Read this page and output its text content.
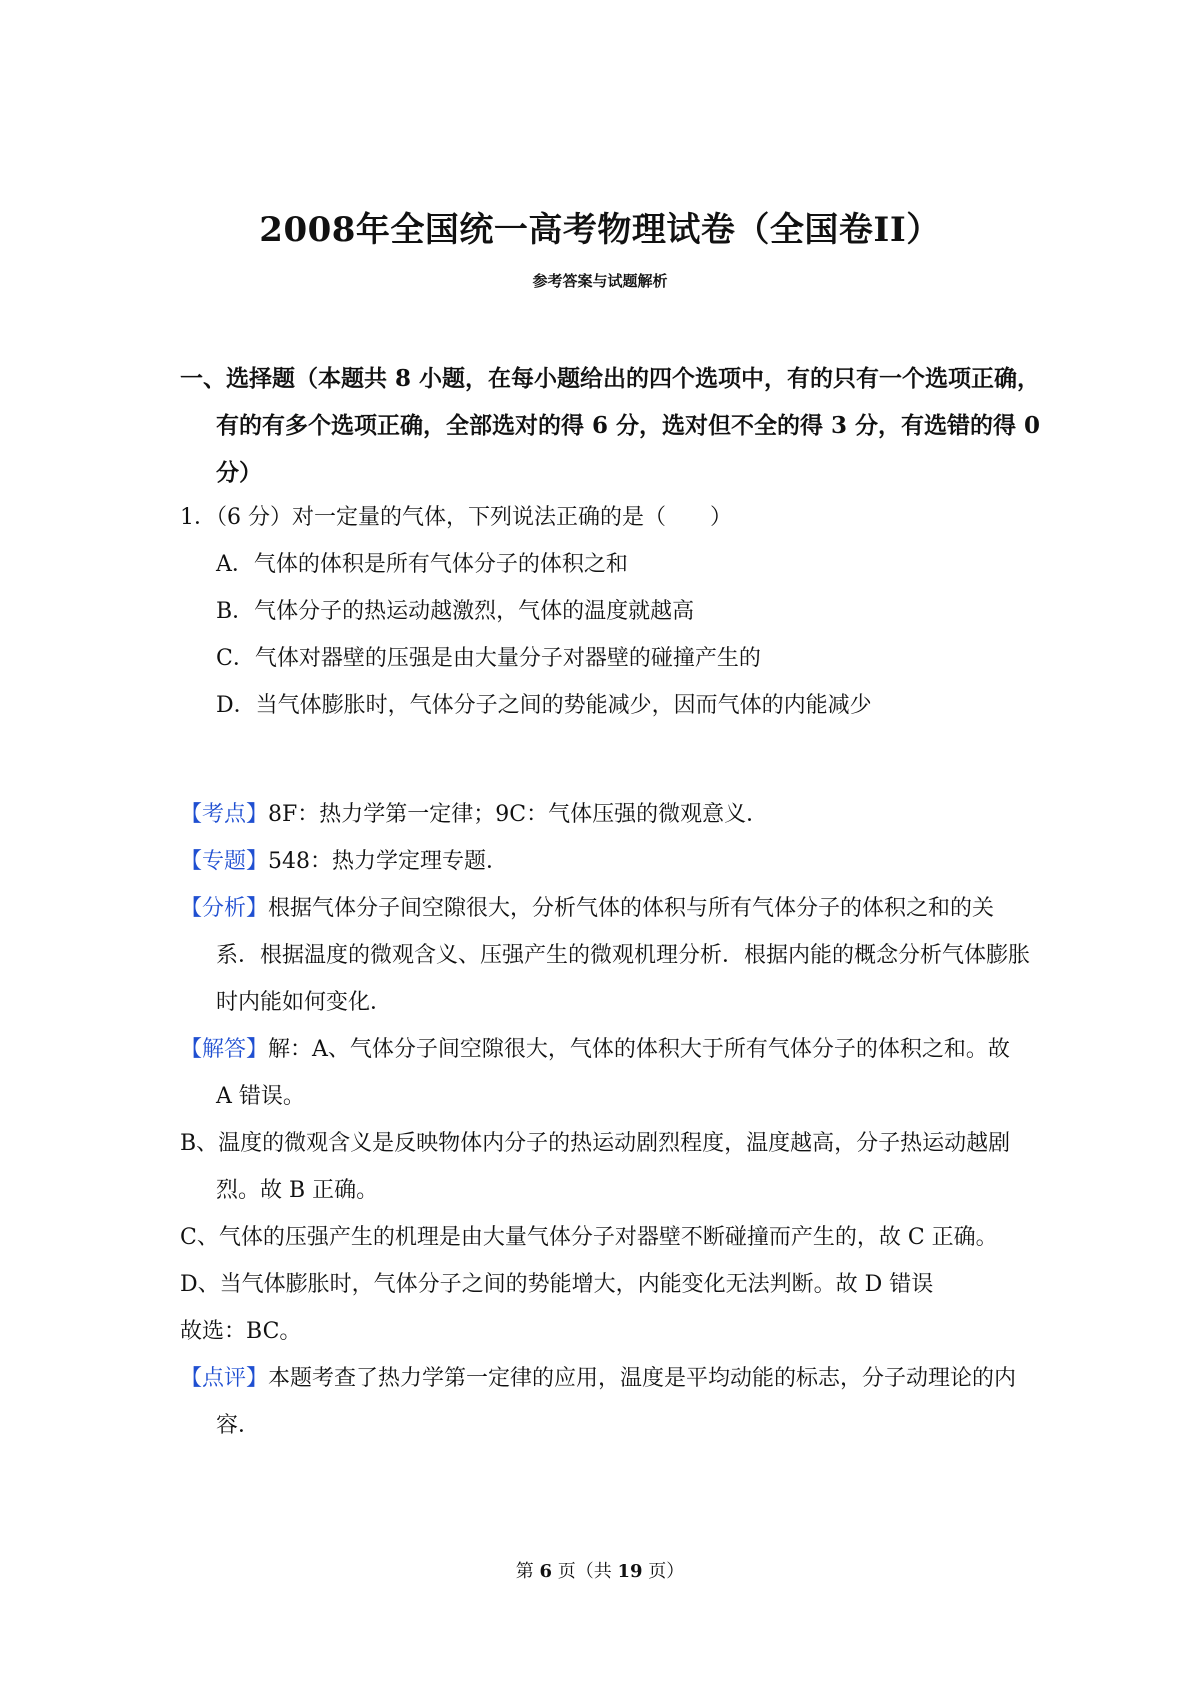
2008年全国统一高考物理试卷（全国卷II）
参考答案与试题解析
一、选择题（本题共 8 小题，在每小题给出的四个选项中，有的只有一个选项正确，有的有多个选项正确，全部选对的得 6 分，选对但不全的得 3 分，有选错的得 0 分）

1．（6 分）对一定量的气体，下列说法正确的是（　　）

A．气体的体积是所有气体分子的体积之和

B．气体分子的热运动越激烈，气体的温度就越高

C．气体对器壁的压强是由大量分子对器壁的碰撞产生的

D．当气体膨胀时，气体分子之间的势能减少，因而气体的内能减少

【考点】8F：热力学第一定律；9C：气体压强的微观意义．

【专题】548：热力学定理专题．

【分析】根据气体分子间空隙很大，分析气体的体积与所有气体分子的体积之和的关系．根据温度的微观含义、压强产生的微观机理分析．根据内能的概念分析气体膨胀时内能如何变化．

【解答】解：A、气体分子间空隙很大，气体的体积大于所有气体分子的体积之和。故 A 错误。

B、温度的微观含义是反映物体内分子的热运动剧烈程度，温度越高，分子热运动越剧烈。故 B 正确。

C、气体的压强产生的机理是由大量气体分子对器壁不断碰撞而产生的，故 C 正确。

D、当气体膨胀时，气体分子之间的势能增大，内能变化无法判断。故 D 错误

故选：BC。

【点评】本题考查了热力学第一定律的应用，温度是平均动能的标志，分子动理论的内容．

第 6 页（共 19 页）
